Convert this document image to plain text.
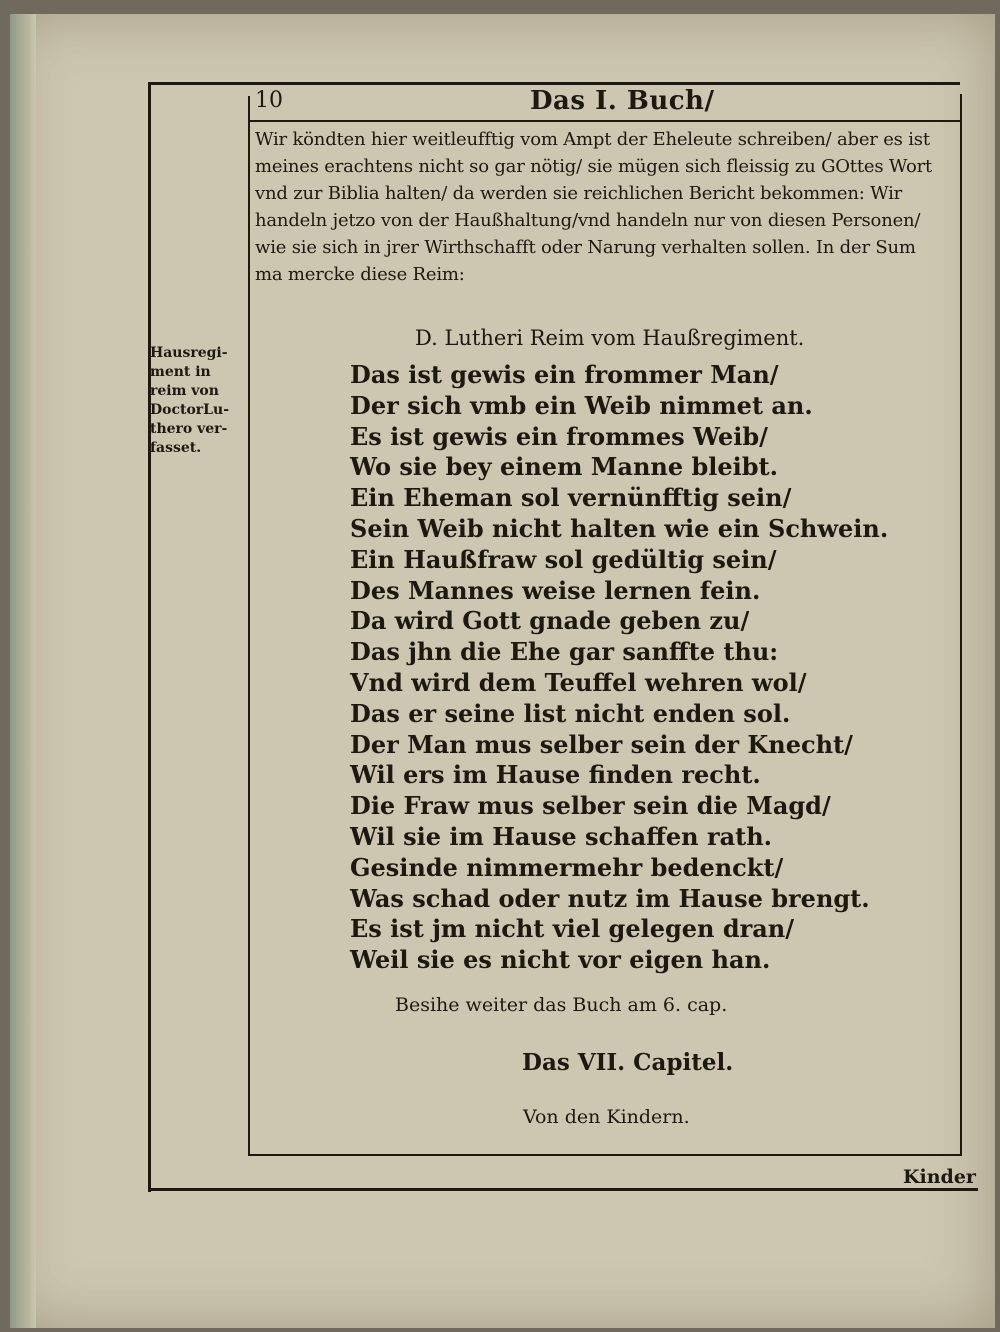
10	Das I. Buch/
Wir köndten hier weitleufftig vom Ampt der Eheleute schreiben/ aber es ist
meines erachtens nicht so gar nötig/ sie mügen sich fleissig zu GOttes Wort
vnd zur Biblia halten/ da werden sie reichlichen Bericht bekommen: Wir
handeln jetzo von der Haußhaltung/vnd handeln nur von diesen Personen/
wie sie sich in jrer Wirthschafft oder Narung verhalten sollen. In der Sum
ma mercke diese Reim:
Hausregi-
ment in
reim von
DoctorLu-
thero ver-
fasset.
D. Lutheri Reim vom Haußregiment.
Das ist gewis ein frommer Man/
Der sich vmb ein Weib nimmet an.
Es ist gewis ein frommes Weib/
Wo sie bey einem Manne bleibt.
Ein Eheman sol vernünfftig sein/
Sein Weib nicht halten wie ein Schwein.
Ein Haußfraw sol gedültig sein/
Des Mannes weise lernen fein.
Da wird Gott gnade geben zu/
Das jhn die Ehe gar sanffte thu:
Vnd wird dem Teuffel wehren wol/
Das er seine list nicht enden sol.
Der Man mus selber sein der Knecht/
Wil ers im Hause finden recht.
Die Fraw mus selber sein die Magd/
Wil sie im Hause schaffen rath.
Gesinde nimmermehr bedenckt/
Was schad oder nutz im Hause brengt.
Es ist jm nicht viel gelegen dran/
Weil sie es nicht vor eigen han.
Besihe weiter das Buch am 6. cap.
Das VII. Capitel.
Von den Kindern.
Kinder
